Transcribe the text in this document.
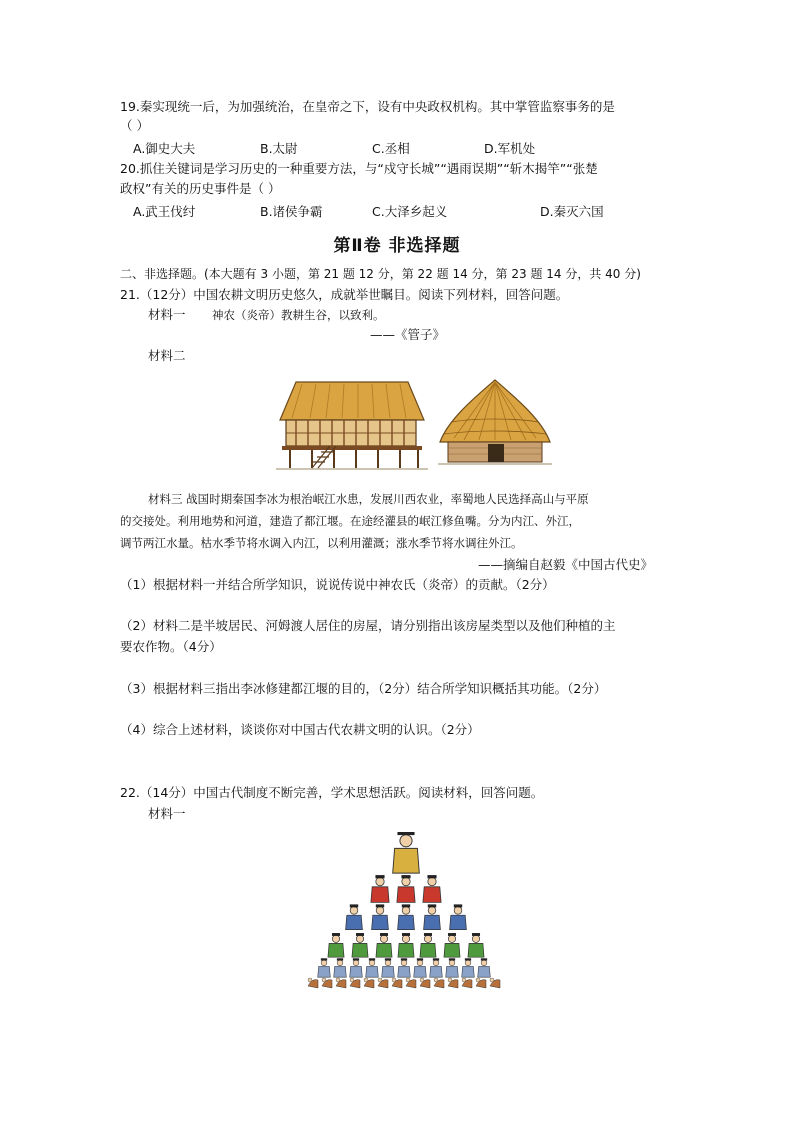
19.秦实现统一后，为加强统治，在皇帝之下，设有中央政权机构。其中掌管监察事务的是
（ ）
A.御史大夫	B.太尉	C.丞相	D.军机处
20.抓住关键词是学习历史的一种重要方法，与“戍守长城”“遇雨误期”“斩木揭竿”“张楚
政权”有关的历史事件是（ ）
A.武王伐纣	B.诸侯争霸	C.大泽乡起义	D.秦灭六国
第Ⅱ卷 非选择题
二、非选择题。(本大题有 3 小题，第 21 题 12 分，第 22 题 14 分，第 23 题 14 分，共 40 分)
21.（12分）中国农耕文明历史悠久，成就举世瞩目。阅读下列材料，回答问题。
材料一 神农（炎帝）教耕生谷，以致利。
——《管子》
材料二
材料三 战国时期秦国李冰为根治岷江水患，发展川西农业，率蜀地人民选择高山与平原
的交接处。利用地势和河道，建造了都江堰。在途经灌县的岷江修鱼嘴。分为内江、外江，
调节两江水量。枯水季节将水调入内江，以利用灌溉；涨水季节将水调往外江。
——摘编自赵毅《中国古代史》
（1）根据材料一并结合所学知识，说说传说中神农氏（炎帝）的贡献。（2分）
（2）材料二是半坡居民、河姆渡人居住的房屋，请分别指出该房屋类型以及他们种植的主
要农作物。（4分）
（3）根据材料三指出李冰修建都江堰的目的，（2分）结合所学知识概括其功能。（2分）
（4）综合上述材料，谈谈你对中国古代农耕文明的认识。（2分）
22.（14分）中国古代制度不断完善，学术思想活跃。阅读材料，回答问题。
材料一
